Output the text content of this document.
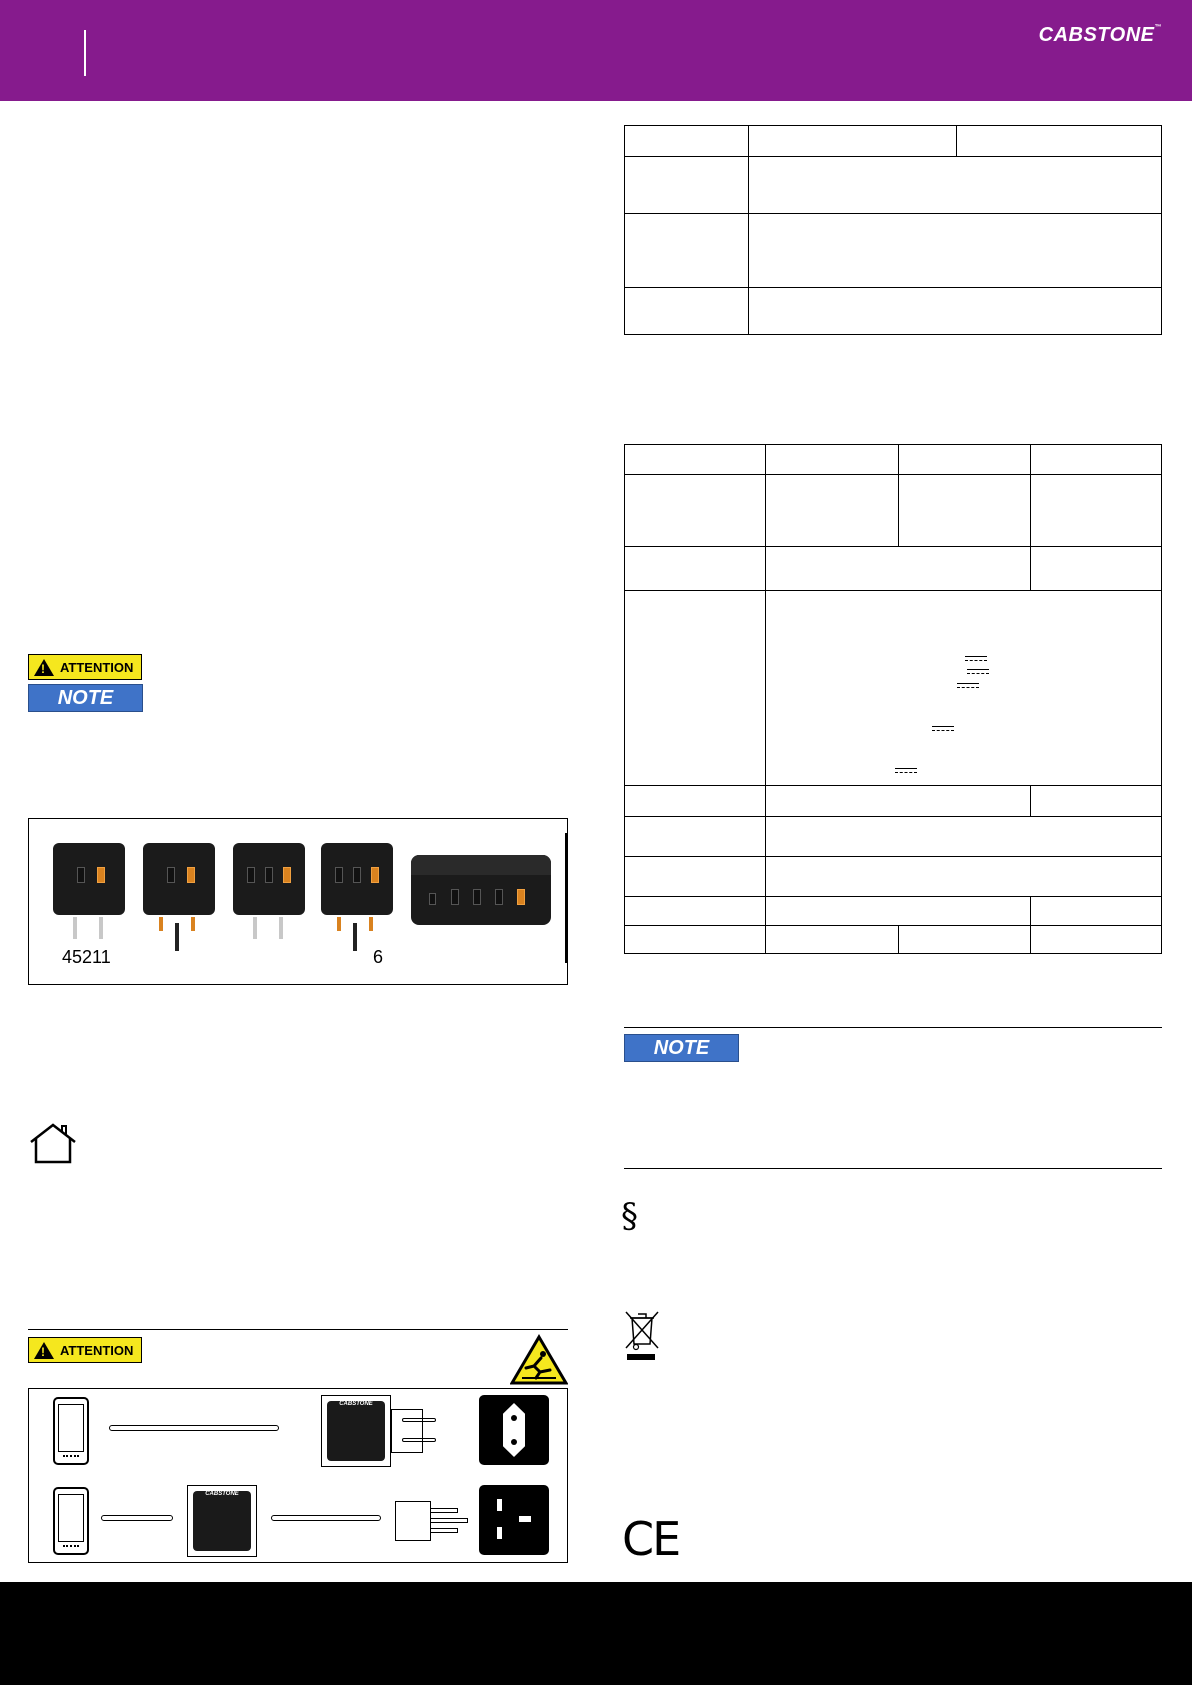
CABSTONE™
!
ATTENTION
NOTE
45211	6
!
ATTENTION
CABSTONE
CABSTONE
NOTE
§
CE
